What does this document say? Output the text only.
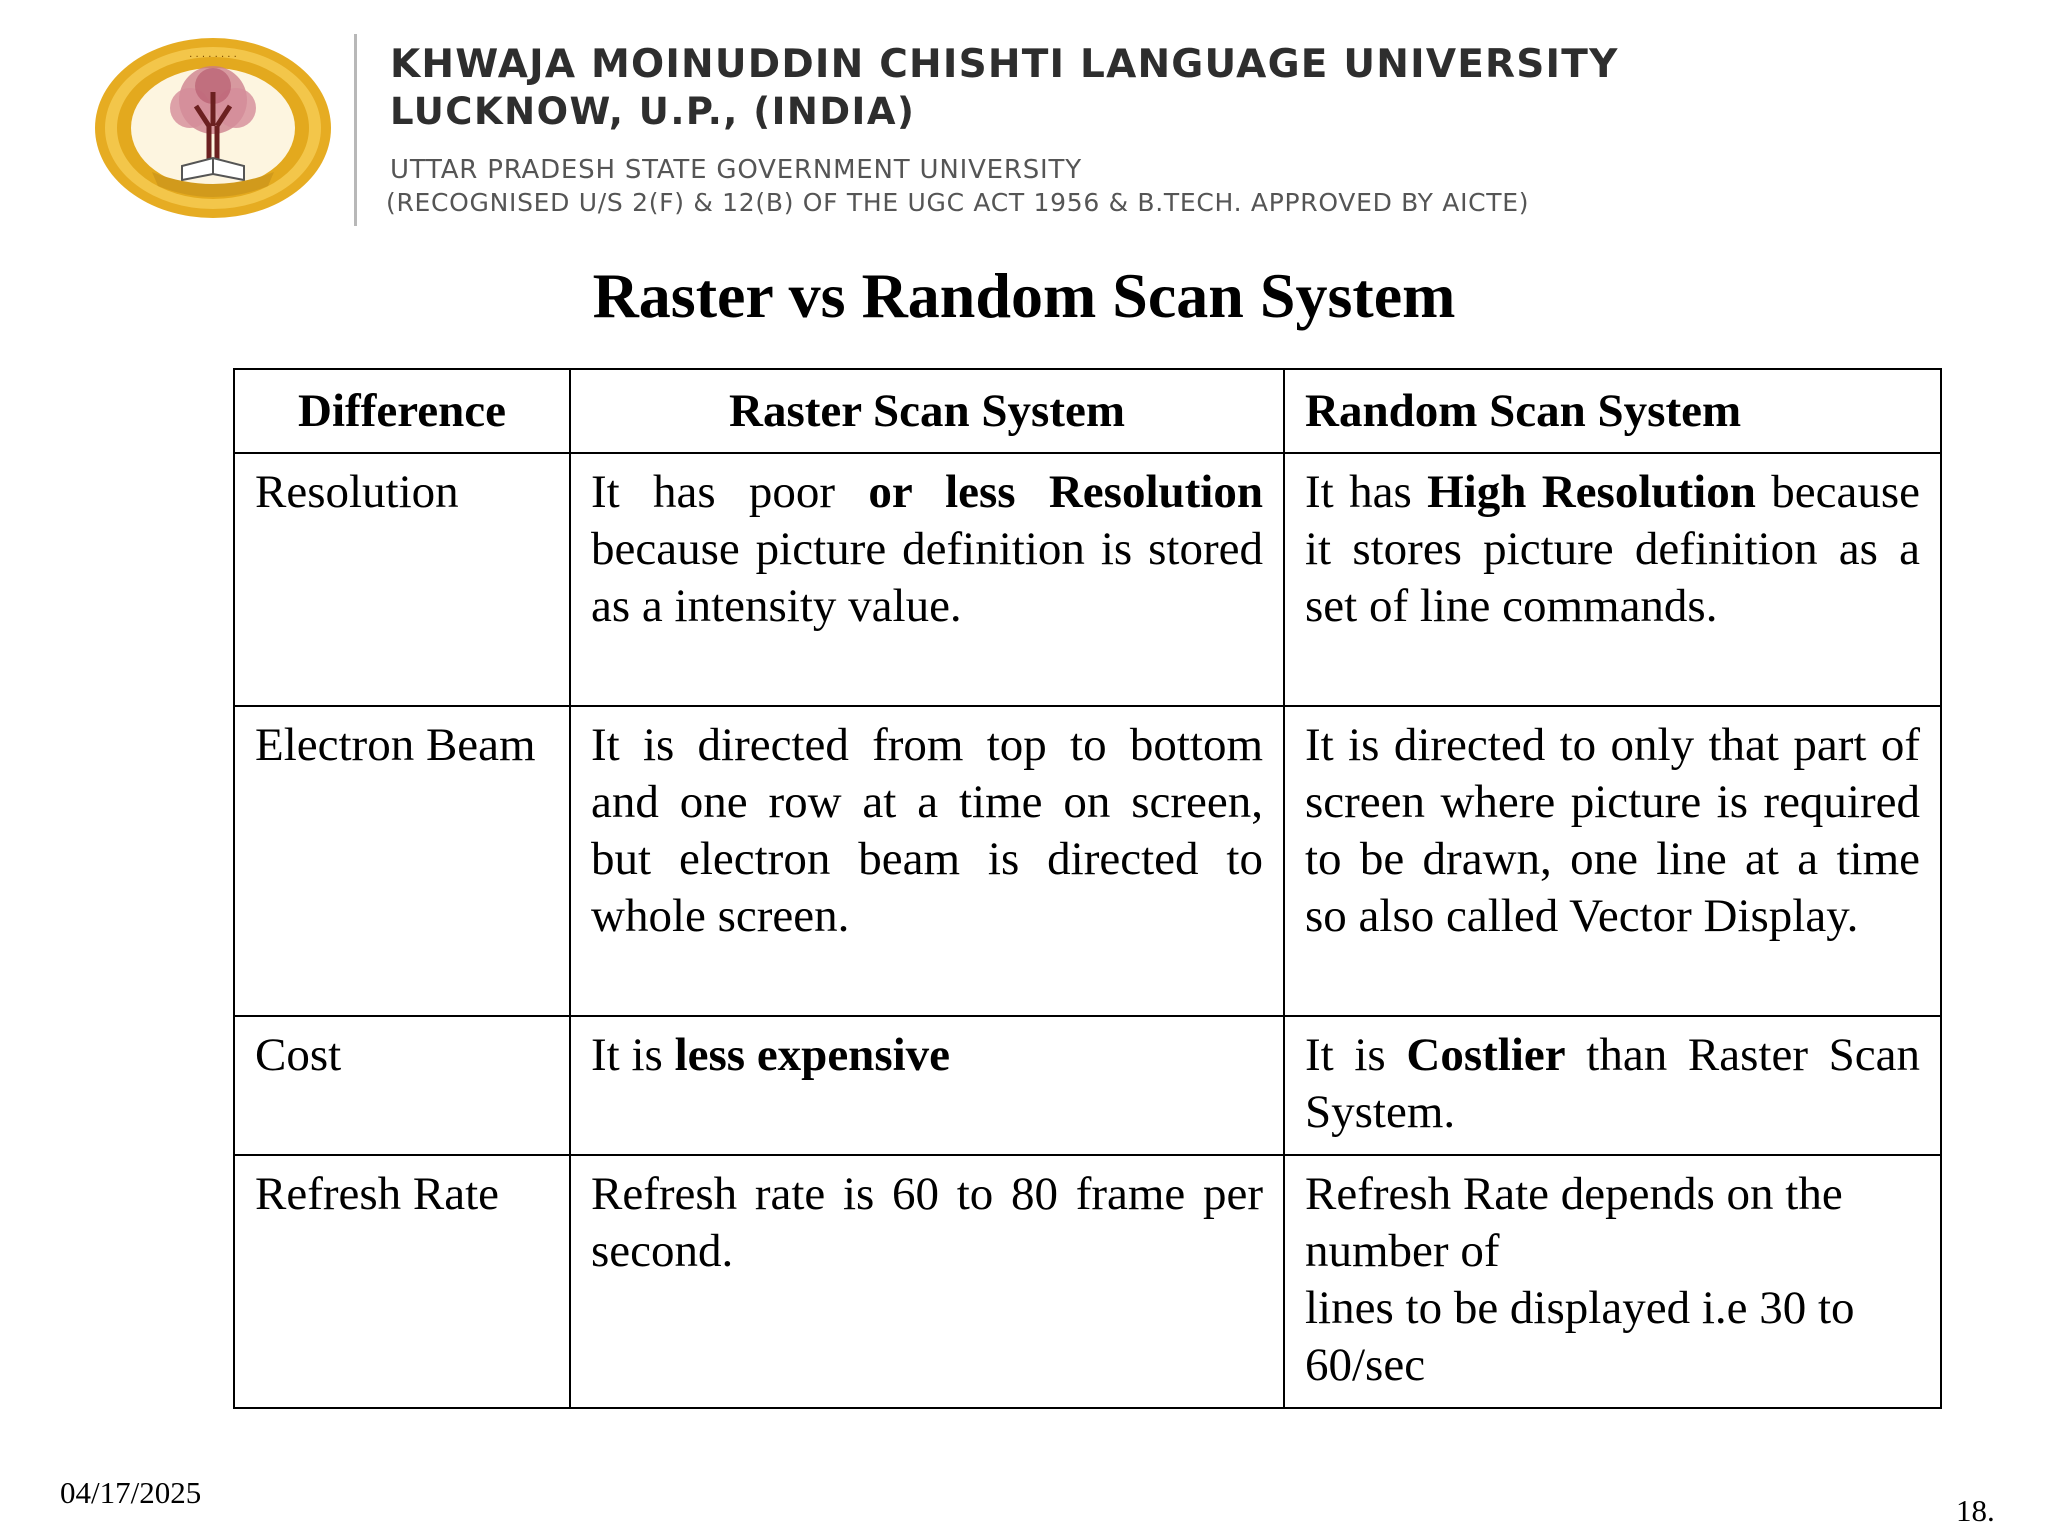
· · · · · · · ·	KHWAJA MOINUDDIN CHISHTI LANGUAGE UNIVERSITY
LUCKNOW, U.P., (INDIA)
UTTAR PRADESH STATE GOVERNMENT UNIVERSITY
(RECOGNISED U/S 2(F) & 12(B) OF THE UGC ACT 1956 & B.TECH. APPROVED BY AICTE)
Raster vs Random Scan System
Difference	Raster Scan System	Random Scan System
Resolution	It has poor or less Resolution because picture definition is stored as a intensity value.	It has High Resolution because it stores picture definition as a set of line commands.
Electron Beam	It is directed from top to bottom and one row at a time on screen, but electron beam is directed to whole screen.	It is directed to only that part of screen where picture is required to be drawn, one line at a time so also called Vector Display.
Cost	It is less expensive	It is Costlier than Raster Scan System.
Refresh Rate	Refresh rate is 60 to 80 frame per second.	Refresh Rate depends on the number of
lines to be displayed i.e 30 to 60/sec
04/17/2025
18.
